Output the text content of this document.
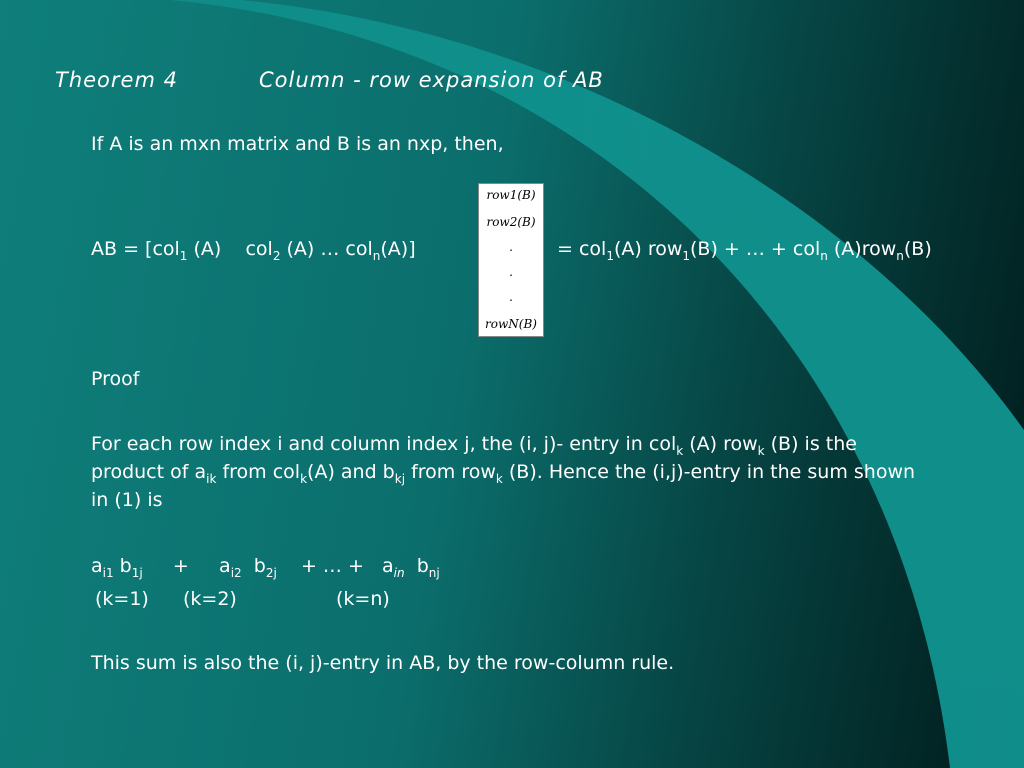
Theorem 4	Column - row expansion of AB
If A is an mxn matrix and B is an nxp, then,
AB = [col$_1$ (A) col$_2$ (A) … col$_n$(A)]
row1(B)
row2(B)
.
.
.
rowN(B)
= col$_1$(A) row$_1$(B) + … + col$_n$ (A)row$_n$(B)
Proof
For each row index i and column index j, the (i, j)- entry in col$_k$ (A) row$_k$ (B) is the product of $a_{ik}$ from col$_k$(A) and $b_{kj}$ from row$_k$ (B). Hence the (i,j)-entry in the sum shown in (1) is
$a_{i1}$ $b_{1j} + a_{i2}$ $b_{2j}$ + … + $a_{in}$ $b_{nj}$
(k=1) (k=2)	(k=n)
This sum is also the (i, j)-entry in AB, by the row-column rule.
